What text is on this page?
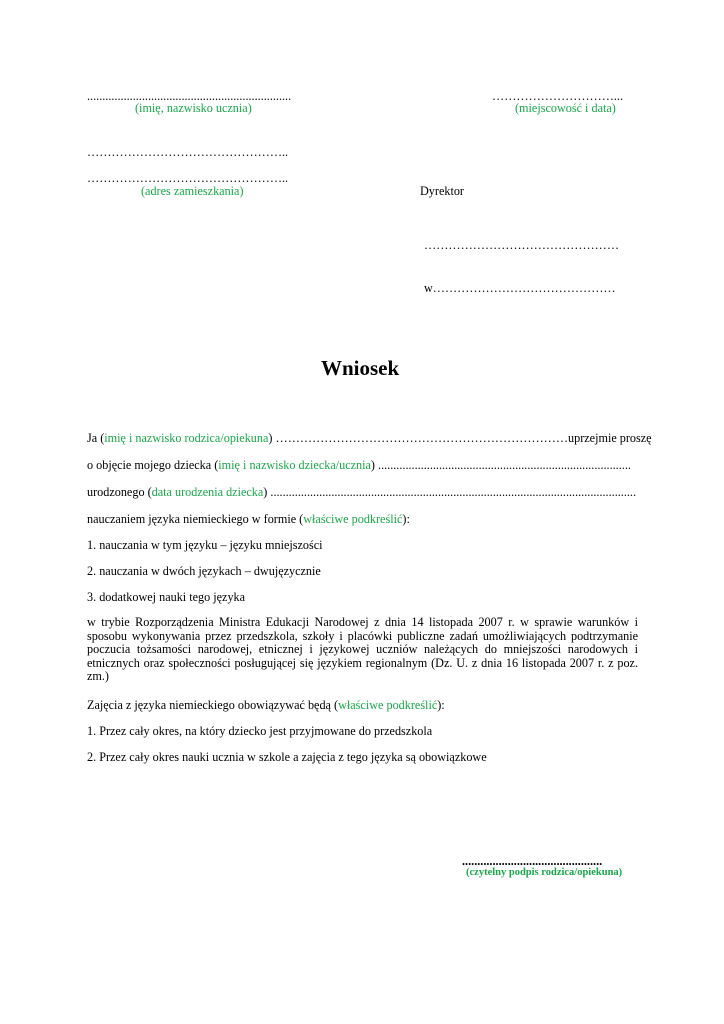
...................................................................
(imię, nazwisko ucznia)
…………………………...
(miejscowość i data)
…………………………………………..
…………………………………………..
(adres zamieszkania)	Dyrektor
…………………………………………
w………………………………………
Wniosek
Ja (imię i nazwisko rodzica/opiekuna) ………………………………………………………………uprzejmie proszę
o objęcie mojego dziecka (imię i nazwisko dziecka/ucznia) ...................................................................................
urodzonego (data urodzenia dziecka) ........................................................................................................................
nauczaniem języka niemieckiego w formie (właściwe podkreślić):
1. nauczania w tym języku – języku mniejszości
2. nauczania w dwóch językach – dwujęzycznie
3. dodatkowej nauki tego języka
w trybie Rozporządzenia Ministra Edukacji Narodowej z dnia 14 listopada 2007 r. w sprawie warunków i sposobu wykonywania przez przedszkola, szkoły i placówki publiczne zadań umożliwiających podtrzymanie poczucia tożsamości narodowej, etnicznej i językowej uczniów należących do mniejszości narodowych i etnicznych oraz społeczności posługującej się językiem regionalnym (Dz. U. z dnia 16 listopada 2007 r. z poz. zm.)
Zajęcia z języka niemieckiego obowiązywać będą (właściwe podkreślić):
1. Przez cały okres, na który dziecko jest przyjmowane do przedszkola
2. Przez cały okres nauki ucznia w szkole a zajęcia z tego języka są obowiązkowe
..............................................
(czytelny podpis rodzica/opiekuna)
